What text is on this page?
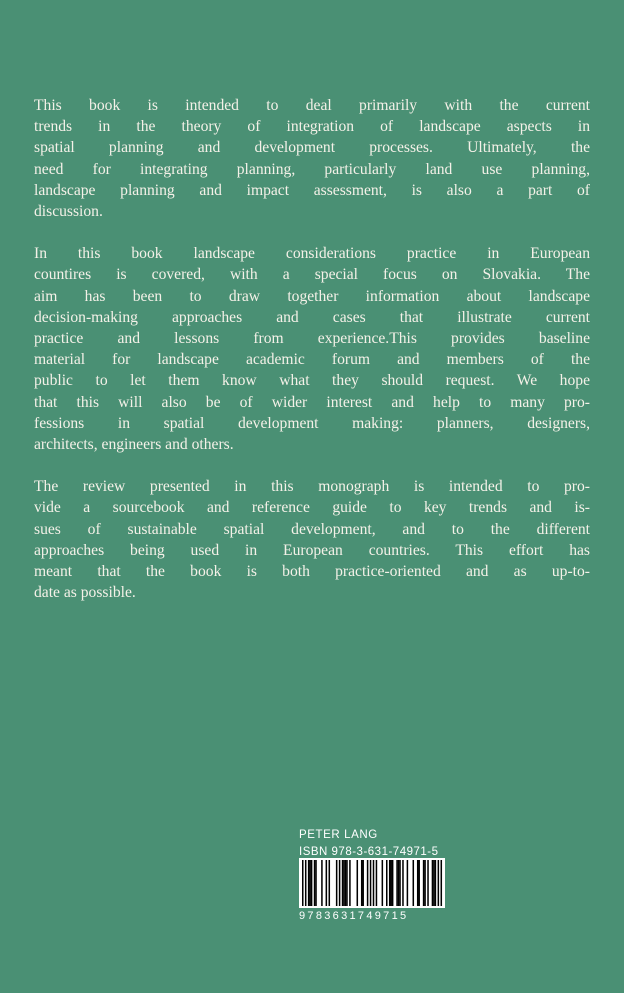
This book is intended to deal primarily with the current
trends in the theory of integration of landscape aspects in
spatial planning and development processes. Ultimately, the
need for integrating planning, particularly land use planning,
landscape planning and impact assessment, is also a part of
discussion.

In this book landscape considerations practice in European
countires is covered, with a special focus on Slovakia. The
aim has been to draw together information about landscape
decision-making approaches and cases that illustrate current
practice and lessons from experience.This provides baseline
material for landscape academic forum and members of the
public to let them know what they should request. We hope
that this will also be of wider interest and help to many pro-
fessions in spatial development making: planners, designers,
architects, engineers and others.

The review presented in this monograph is intended to pro-
vide a sourcebook and reference guide to key trends and is-
sues of sustainable spatial development, and to the different
approaches being used in European countries. This effort has
meant that the book is both practice-oriented and as up-to-
date as possible.

PETER LANG

ISBN 978-3-631-74971-5

9783631749715
